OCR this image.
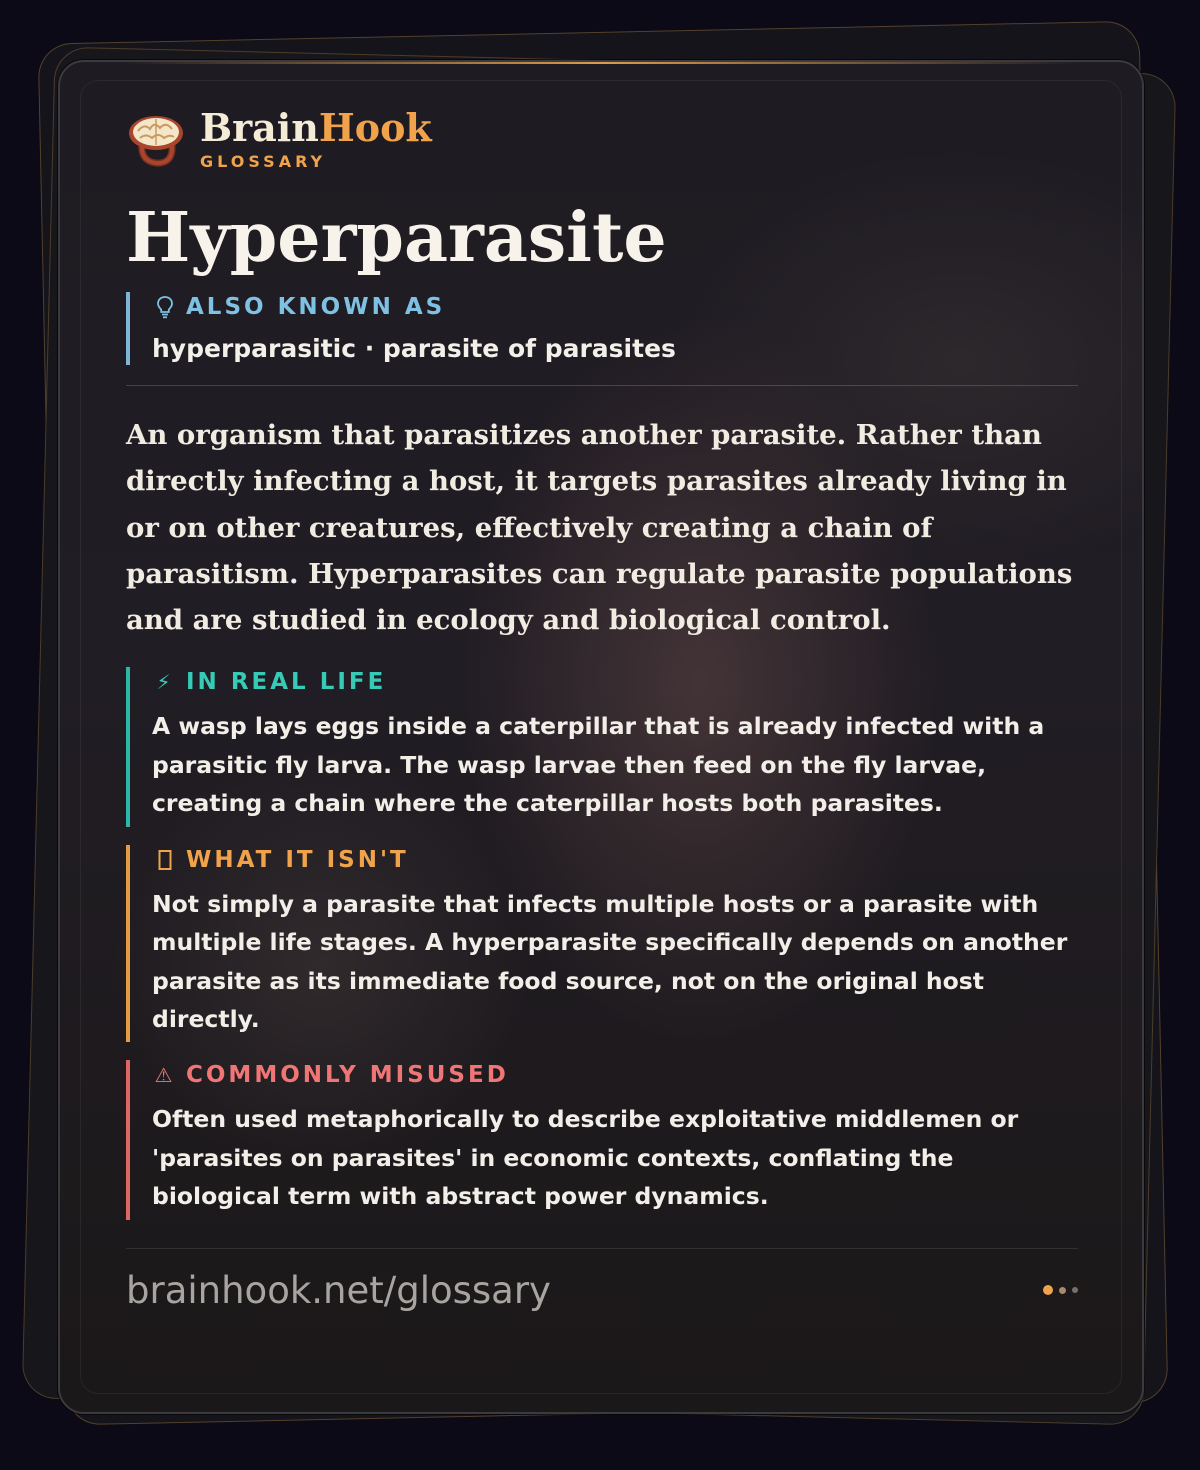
BrainHook
GLOSSARY
Hyperparasite
ALSO KNOWN AS
hyperparasitic · parasite of parasites
An organism that parasitizes another parasite. Rather than directly infecting a host, it targets parasites already living in or on other creatures, effectively creating a chain of parasitism. Hyperparasites can regulate parasite populations and are studied in ecology and biological control.
⚡ IN REAL LIFE
A wasp lays eggs inside a caterpillar that is already infected with a parasitic fly larva. The wasp larvae then feed on the fly larvae, creating a chain where the caterpillar hosts both parasites.
WHAT IT ISN'T
Not simply a parasite that infects multiple hosts or a parasite with multiple life stages. A hyperparasite specifically depends on another parasite as its immediate food source, not on the original host directly.
⚠ COMMONLY MISUSED
Often used metaphorically to describe exploitative middlemen or 'parasites on parasites' in economic contexts, conflating the biological term with abstract power dynamics.
brainhook.net/glossary
